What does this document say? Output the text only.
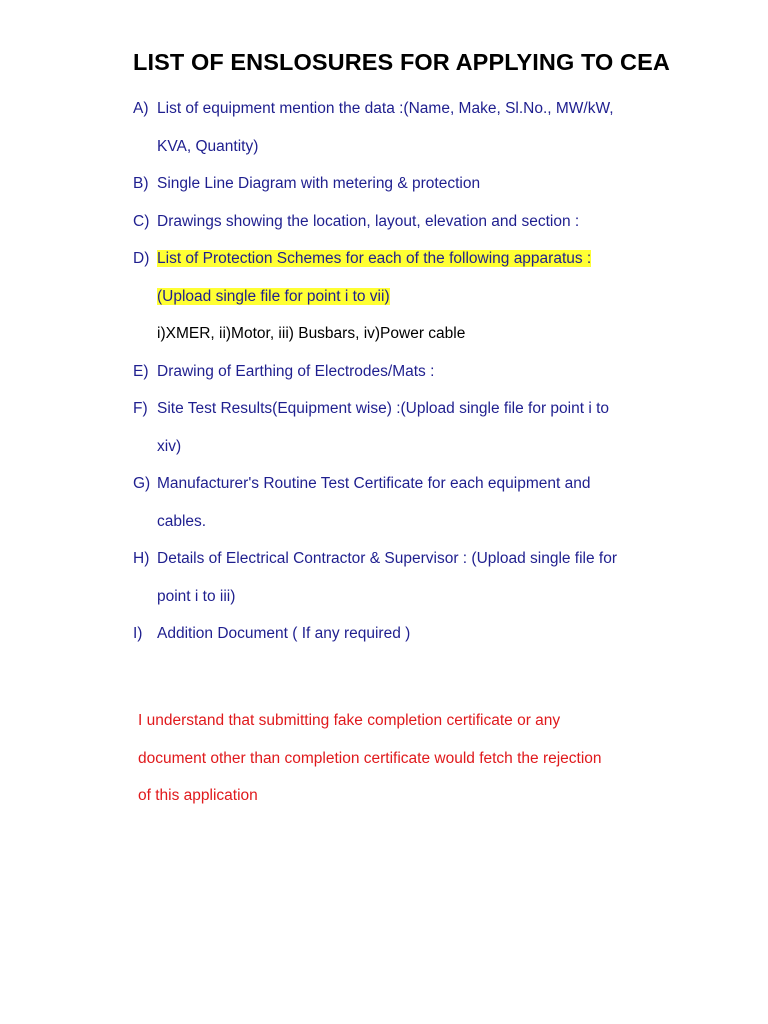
LIST OF ENSLOSURES FOR APPLYING TO CEA
A) List of equipment mention the data :(Name, Make, Sl.No., MW/kW,
KVA, Quantity)
B) Single Line Diagram with metering & protection
C) Drawings showing the location, layout, elevation and section :
D) List of Protection Schemes for each of the following apparatus :
(Upload single file for point i to vii)
i)XMER, ii)Motor, iii) Busbars, iv)Power cable
E) Drawing of Earthing of Electrodes/Mats :
F) Site Test Results(Equipment wise) :(Upload single file for point i to
xiv)
G) Manufacturer's Routine Test Certificate for each equipment and
cables.
H) Details of Electrical Contractor & Supervisor : (Upload single file for
point i to iii)
I) Addition Document ( If any required )
I understand that submitting fake completion certificate or any
document other than completion certificate would fetch the rejection
of this application
